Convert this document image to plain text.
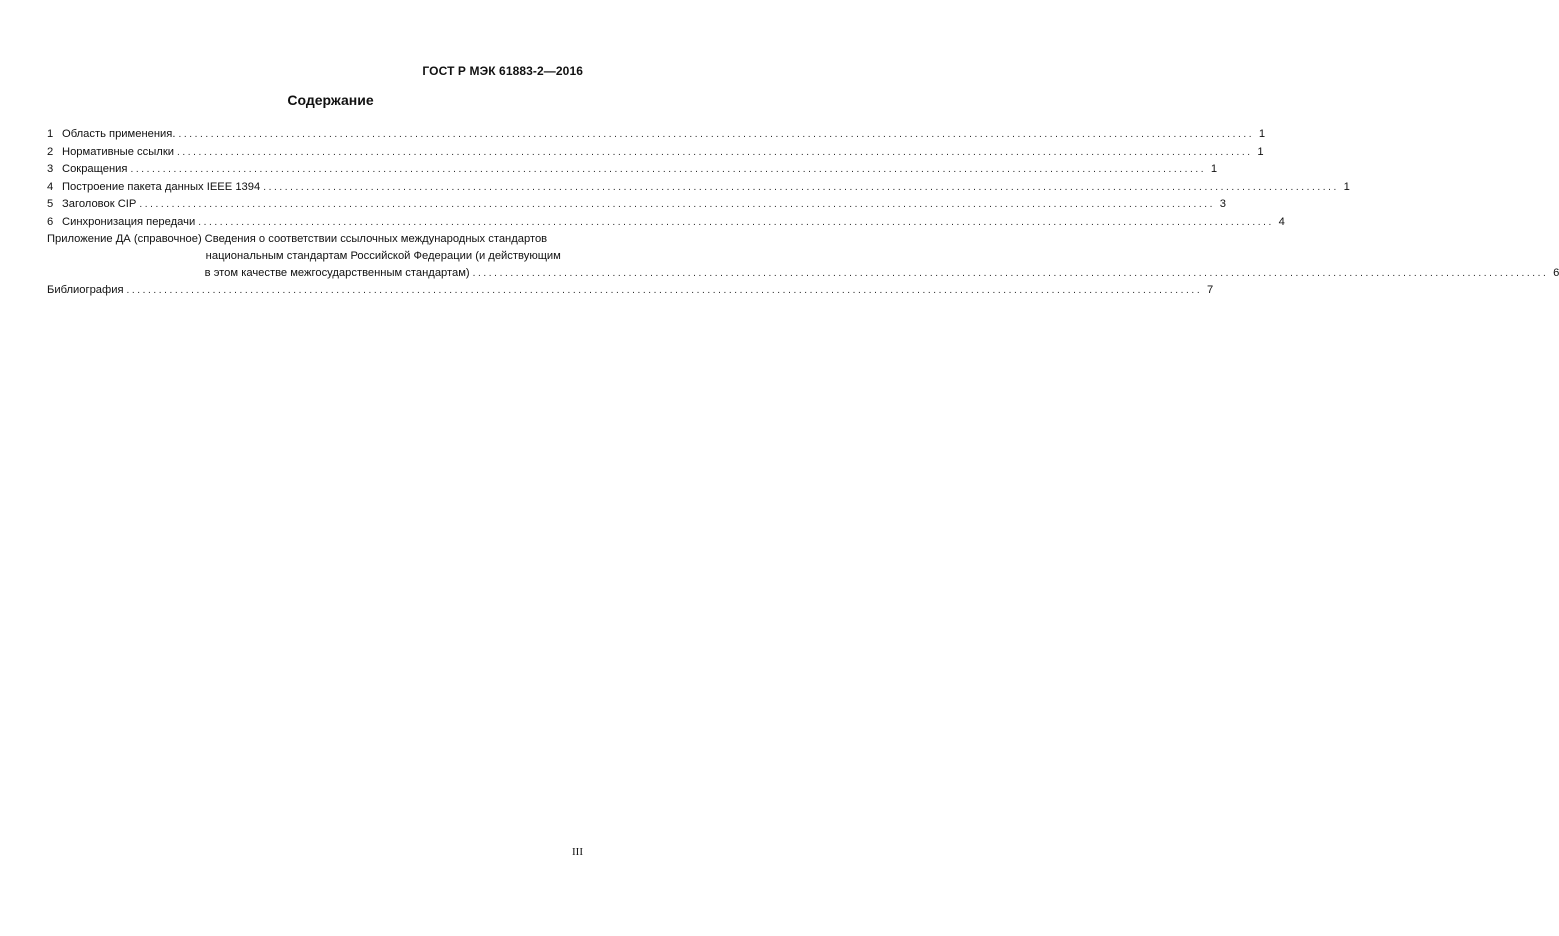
ГОСТ Р МЭК 61883-2—2016
Содержание
1 Область применения. ........................................................................................................................................................................................................ 1
2 Нормативные ссылки ........................................................................................................................................................................................................ 1
3 Сокращения ........................................................................................................................................................................................................ 1
4 Построение пакета данных IEEE 1394 ........................................................................................................................................................................................................ 1
5 Заголовок CIP ........................................................................................................................................................................................................ 3
6 Синхронизация передачи ........................................................................................................................................................................................................ 4
Приложение ДА (справочное) Сведения о соответствии ссылочных международных стандартов
национальным стандартам Российской Федерации (и действующим
в этом качестве межгосударственным стандартам) ........................................................................................................................................................................................................ 6
Библиография ........................................................................................................................................................................................................ 7
III
